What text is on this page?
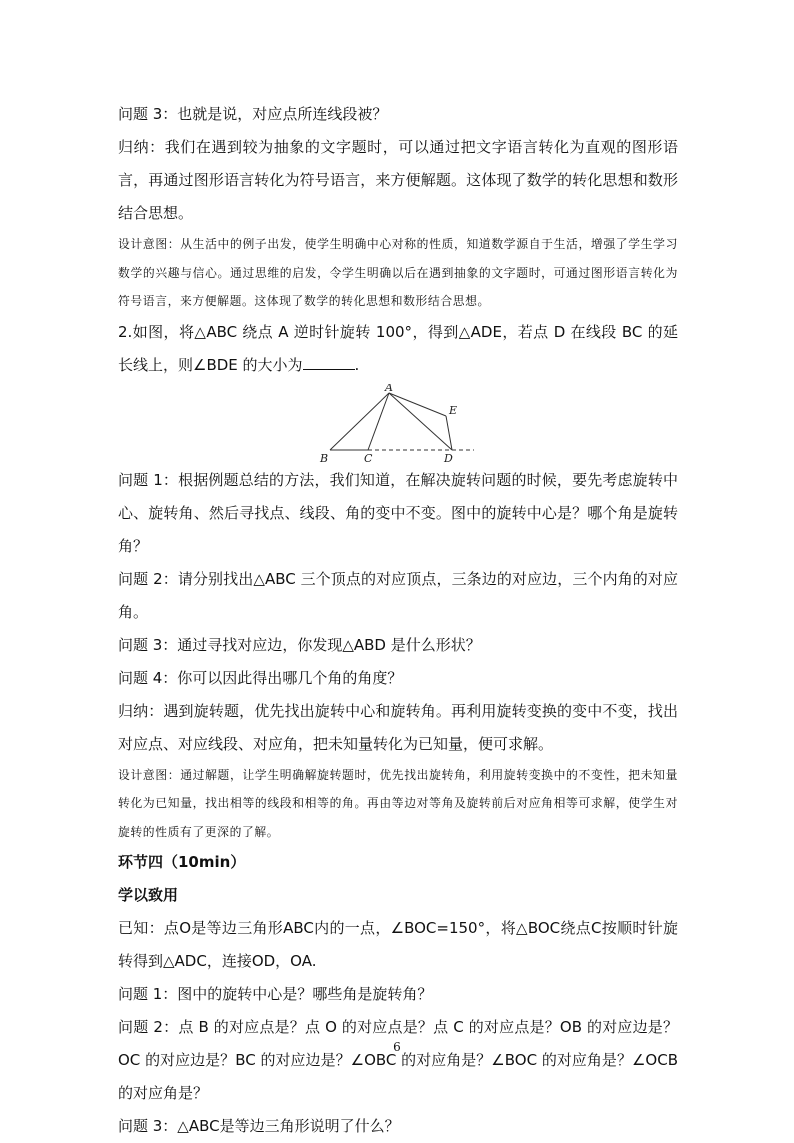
问题 3：也就是说，对应点所连线段被？

归纳：我们在遇到较为抽象的文字题时，可以通过把文字语言转化为直观的图形语言，再通过图形语言转化为符号语言，来方便解题。这体现了数学的转化思想和数形结合思想。

设计意图：从生活中的例子出发，使学生明确中心对称的性质，知道数学源自于生活，增强了学生学习数学的兴趣与信心。通过思维的启发，令学生明确以后在遇到抽象的文字题时，可通过图形语言转化为符号语言，来方便解题。这体现了数学的转化思想和数形结合思想。

2.如图，将△ABC 绕点 A 逆时针旋转 100°，得到△ADE，若点 D 在线段 BC 的延长线上，则∠BDE 的大小为	.

A
B	C	D
E

问题 1：根据例题总结的方法，我们知道，在解决旋转问题的时候，要先考虑旋转中心、旋转角、然后寻找点、线段、角的变中不变。图中的旋转中心是？哪个角是旋转角？

问题 2：请分别找出△ABC 三个顶点的对应顶点，三条边的对应边，三个内角的对应角。

问题 3：通过寻找对应边，你发现△ABD 是什么形状？

问题 4：你可以因此得出哪几个角的角度？

归纳：遇到旋转题，优先找出旋转中心和旋转角。再利用旋转变换的变中不变，找出对应点、对应线段、对应角，把未知量转化为已知量，便可求解。

设计意图：通过解题，让学生明确解旋转题时，优先找出旋转角，利用旋转变换中的不变性，把未知量转化为已知量，找出相等的线段和相等的角。再由等边对等角及旋转前后对应角相等可求解，使学生对旋转的性质有了更深的了解。

环节四（10min）

学以致用

已知：点O是等边三角形ABC内的一点，∠BOC=150°，将△BOC绕点C按顺时针旋转得到△ADC，连接OD，OA.

问题 1：图中的旋转中心是？哪些角是旋转角？

问题 2：点 B 的对应点是？点 O 的对应点是？点 C 的对应点是？OB 的对应边是？OC 的对应边是？BC 的对应边是？∠OBC 的对应角是？∠BOC 的对应角是？∠OCB 的对应角是？

问题 3：△ABC是等边三角形说明了什么？

6
